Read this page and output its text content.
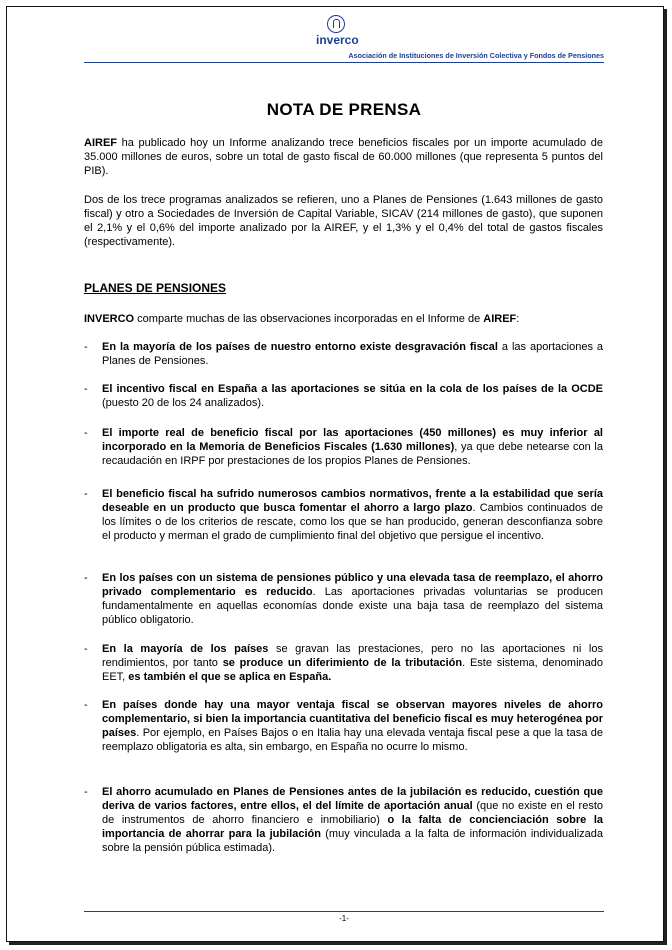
inverco
Asociación de Instituciones de Inversión Colectiva y Fondos de Pensiones
NOTA DE PRENSA

AIREF ha publicado hoy un Informe analizando trece beneficios fiscales por un importe acumulado de 35.000 millones de euros, sobre un total de gasto fiscal de 60.000 millones (que representa 5 puntos del PIB).

Dos de los trece programas analizados se refieren, uno a Planes de Pensiones (1.643 millones de gasto fiscal) y otro a Sociedades de Inversión de Capital Variable, SICAV (214 millones de gasto), que suponen el 2,1% y el 0,6% del importe analizado por la AIREF, y el 1,3% y el 0,4% del total de gastos fiscales (respectivamente).

PLANES DE PENSIONES

INVERCO comparte muchas de las observaciones incorporadas en el Informe de AIREF:

- En la mayoría de los países de nuestro entorno existe desgravación fiscal a las aportaciones a Planes de Pensiones.

- El incentivo fiscal en España a las aportaciones se sitúa en la cola de los países de la OCDE (puesto 20 de los 24 analizados).

- El importe real de beneficio fiscal por las aportaciones (450 millones) es muy inferior al incorporado en la Memoria de Beneficios Fiscales (1.630 millones), ya que debe netearse con la recaudación en IRPF por prestaciones de los propios Planes de Pensiones.

- El beneficio fiscal ha sufrido numerosos cambios normativos, frente a la estabilidad que sería deseable en un producto que busca fomentar el ahorro a largo plazo. Cambios continuados de los límites o de los criterios de rescate, como los que se han producido, generan desconfianza sobre el producto y merman el grado de cumplimiento final del objetivo que persigue el incentivo.

- En los países con un sistema de pensiones público y una elevada tasa de reemplazo, el ahorro privado complementario es reducido. Las aportaciones privadas voluntarias se producen fundamentalmente en aquellas economías donde existe una baja tasa de reemplazo del sistema público obligatorio.

- En la mayoría de los países se gravan las prestaciones, pero no las aportaciones ni los rendimientos, por tanto se produce un diferimiento de la tributación. Este sistema, denominado EET, es también el que se aplica en España.

- En países donde hay una mayor ventaja fiscal se observan mayores niveles de ahorro complementario, si bien la importancia cuantitativa del beneficio fiscal es muy heterogénea por países. Por ejemplo, en Países Bajos o en Italia hay una elevada ventaja fiscal pese a que la tasa de reemplazo obligatoria es alta, sin embargo, en España no ocurre lo mismo.

- El ahorro acumulado en Planes de Pensiones antes de la jubilación es reducido, cuestión que deriva de varios factores, entre ellos, el del límite de aportación anual (que no existe en el resto de instrumentos de ahorro financiero e inmobiliario) o la falta de concienciación sobre la importancia de ahorrar para la jubilación (muy vinculada a la falta de información individualizada sobre la pensión pública estimada).

-1-
